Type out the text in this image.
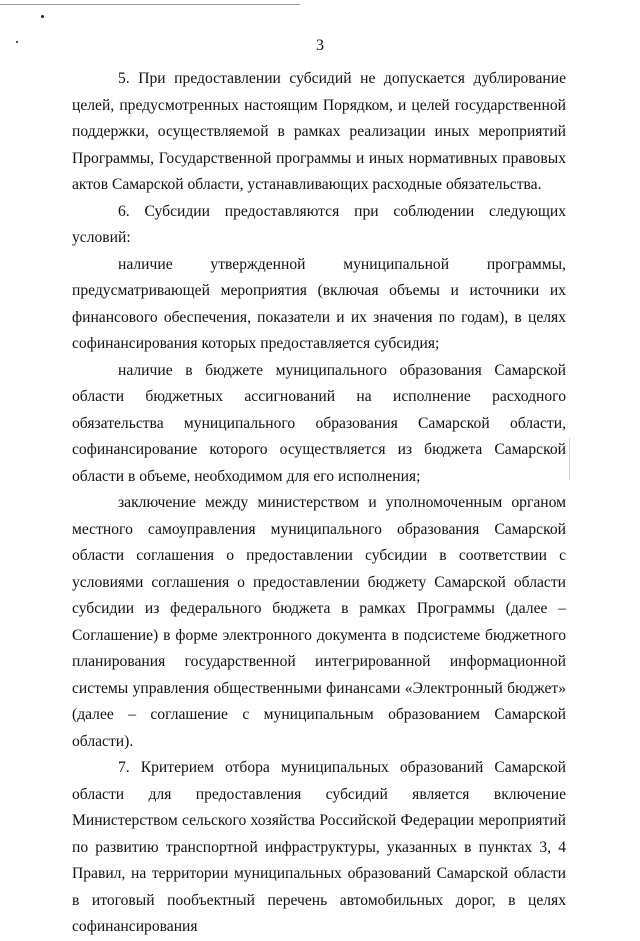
3

5. При предоставлении субсидий не допускается дублирование целей, предусмотренных настоящим Порядком, и целей государственной поддержки, осуществляемой в рамках реализации иных мероприятий Программы, Государственной программы и иных нормативных правовых актов Самарской области, устанавливающих расходные обязательства.

6. Субсидии предоставляются при соблюдении следующих условий:

наличие утвержденной муниципальной программы, предусматривающей мероприятия (включая объемы и источники их финансового обеспечения, показатели и их значения по годам), в целях софинансирования которых предоставляется субсидия;

наличие в бюджете муниципального образования Самарской области бюджетных ассигнований на исполнение расходного обязательства муниципального образования Самарской области, софинансирование которого осуществляется из бюджета Самарской области в объеме, необходимом для его исполнения;

заключение между министерством и уполномоченным органом местного самоуправления муниципального образования Самарской области соглашения о предоставлении субсидии в соответствии с условиями соглашения о предоставлении бюджету Самарской области субсидии из федерального бюджета в рамках Программы (далее – Соглашение) в форме электронного документа в подсистеме бюджетного планирования государственной интегрированной информационной системы управления общественными финансами «Электронный бюджет» (далее – соглашение с муниципальным образованием Самарской области).

7. Критерием отбора муниципальных образований Самарской области для предоставления субсидий является включение Министерством сельского хозяйства Российской Федерации мероприятий по развитию транспортной инфраструктуры, указанных в пунктах 3, 4 Правил, на территории муниципальных образований Самарской области в итоговый пообъектный перечень автомобильных дорог, в целях софинансирования
